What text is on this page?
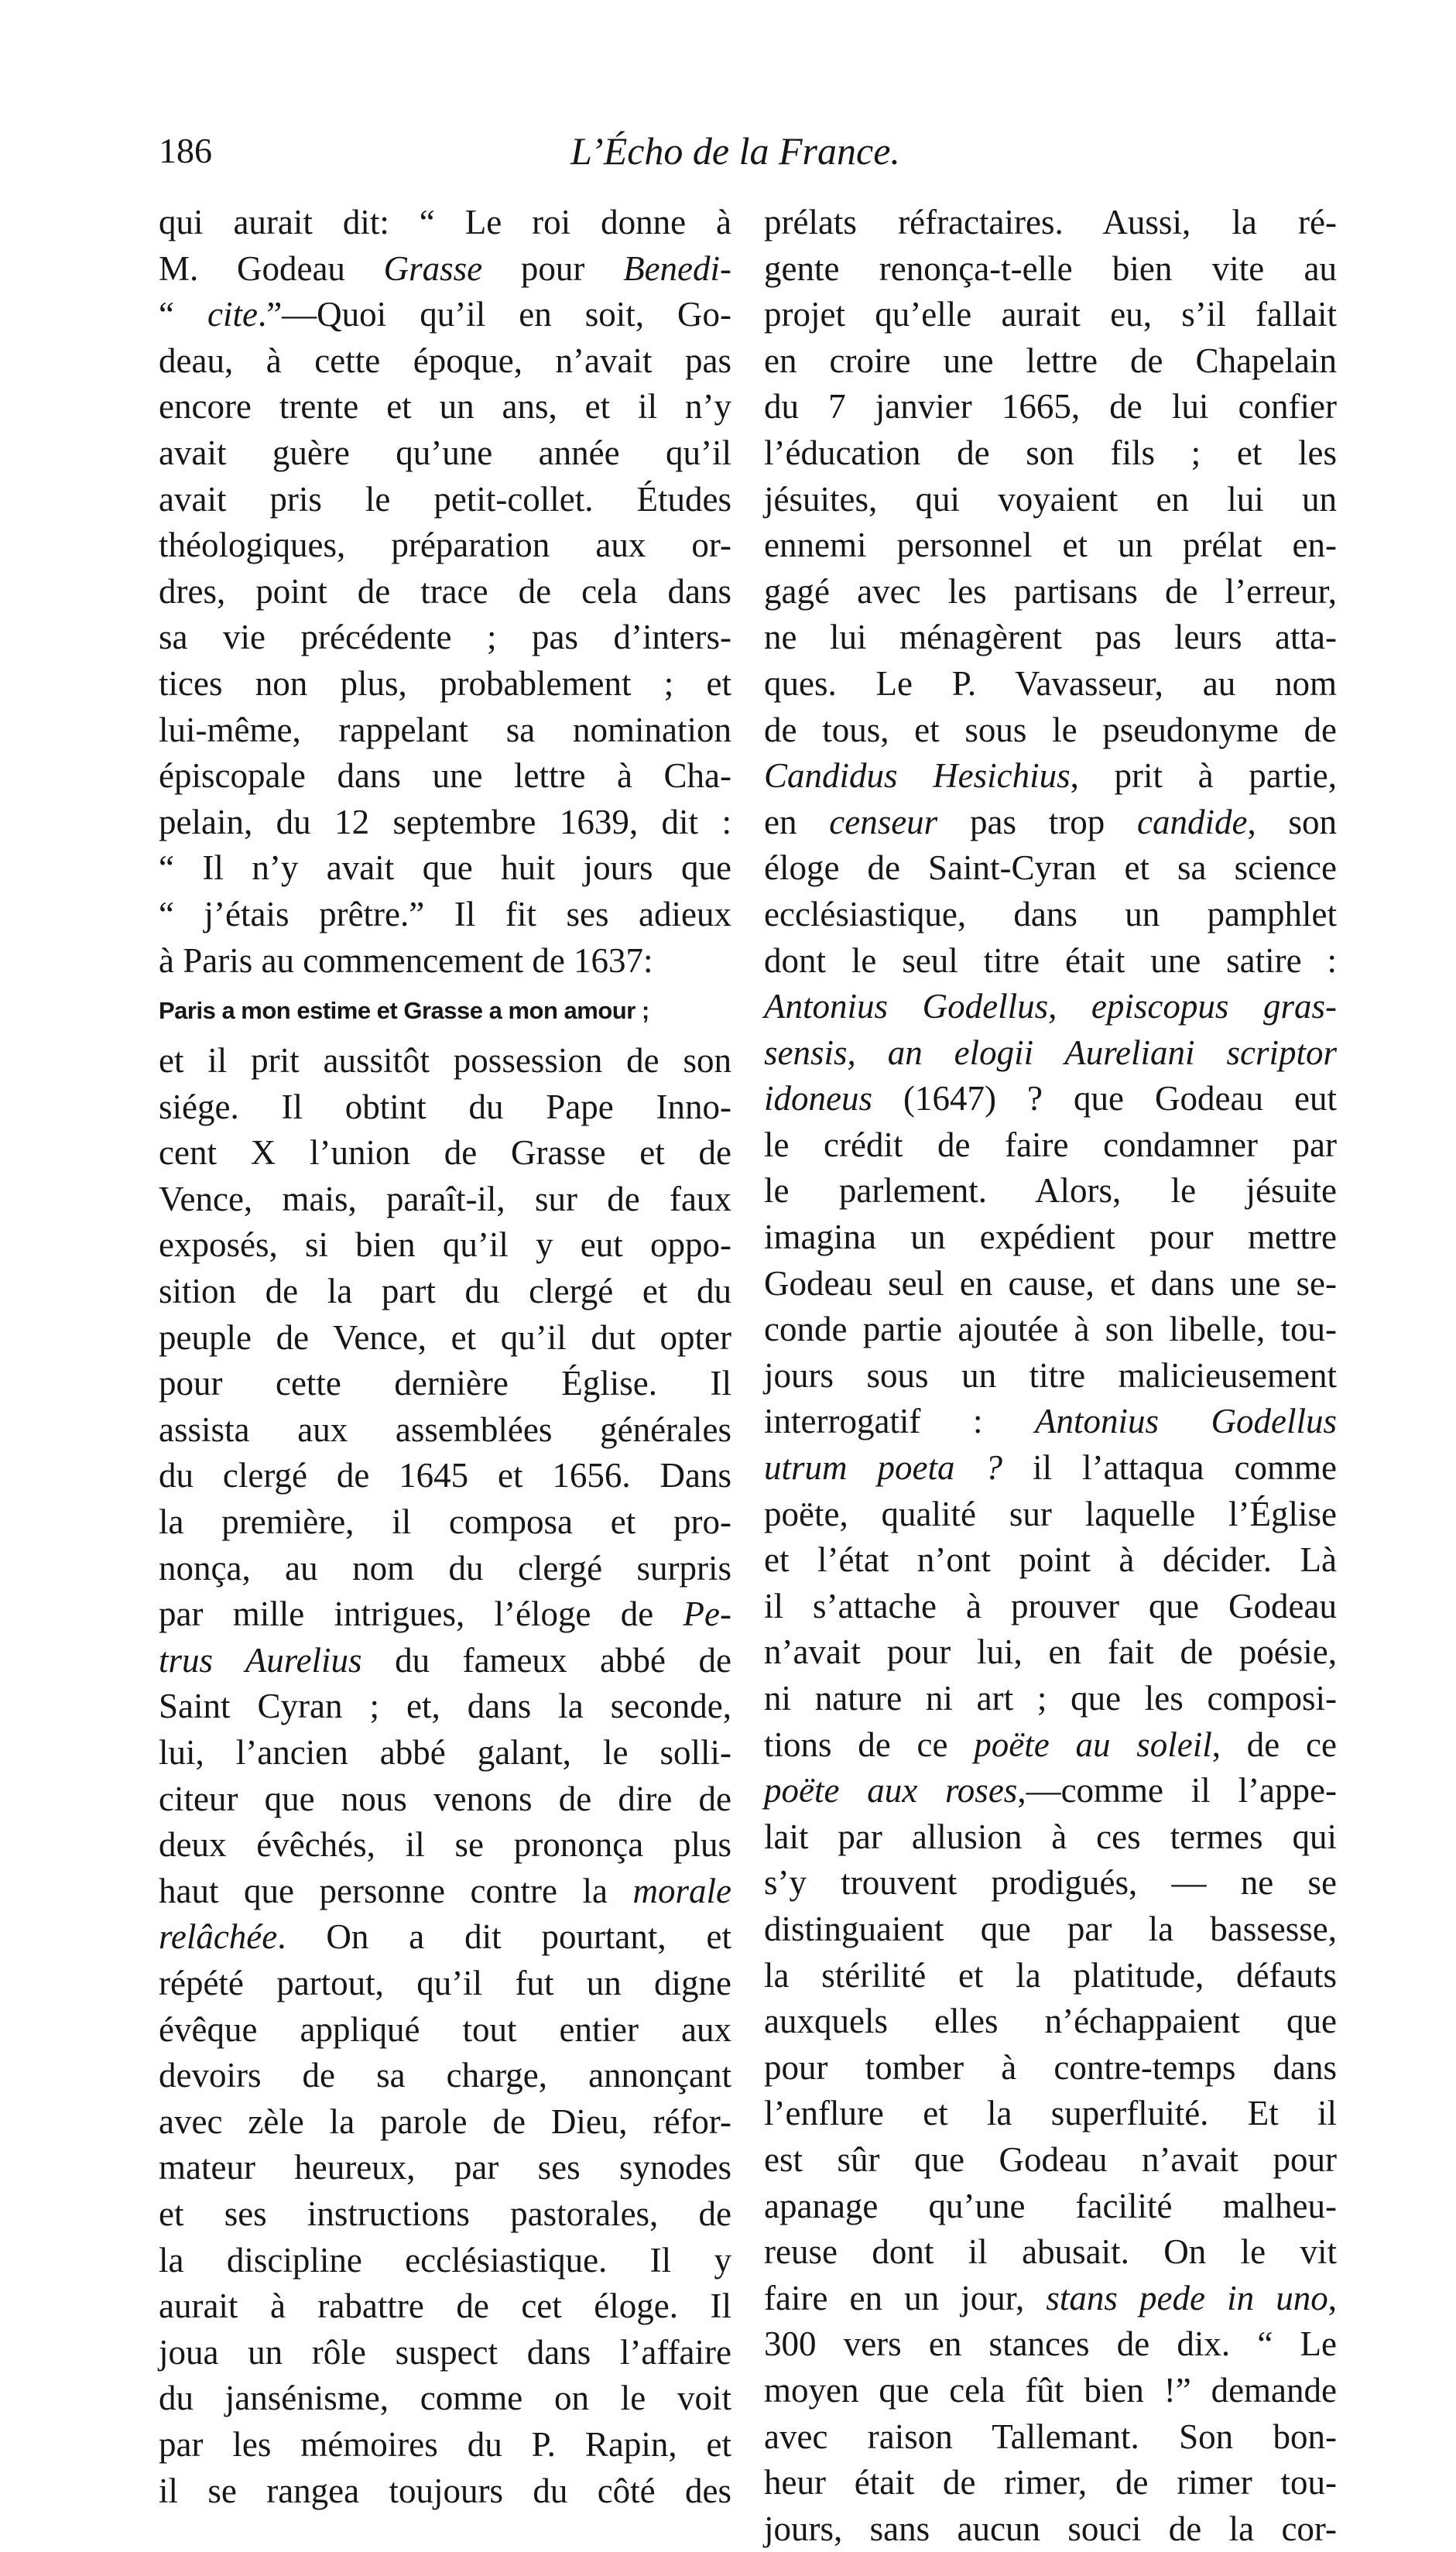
186	L’Écho de la France.
qui aurait dit: “ Le roi donne à
M. Godeau Grasse pour Benedi-
“ cite.”—Quoi qu’il en soit, Go-
deau, à cette époque, n’avait pas
encore trente et un ans, et il n’y
avait guère qu’une année qu’il
avait pris le petit-collet. Études
théologiques, préparation aux or-
dres, point de trace de cela dans
sa vie précédente ; pas d’inters-
tices non plus, probablement ; et
lui-même, rappelant sa nomination
épiscopale dans une lettre à Cha-
pelain, du 12 septembre 1639, dit :
“ Il n’y avait que huit jours que
“ j’étais prêtre.” Il fit ses adieux
à Paris au commencement de 1637:
Paris a mon estime et Grasse a mon amour ;
et il prit aussitôt possession de son
siége. Il obtint du Pape Inno-
cent X l’union de Grasse et de
Vence, mais, paraît-il, sur de faux
exposés, si bien qu’il y eut oppo-
sition de la part du clergé et du
peuple de Vence, et qu’il dut opter
pour cette dernière Église. Il
assista aux assemblées générales
du clergé de 1645 et 1656. Dans
la première, il composa et pro-
nonça, au nom du clergé surpris
par mille intrigues, l’éloge de Pe-
trus Aurelius du fameux abbé de
Saint Cyran ; et, dans la seconde,
lui, l’ancien abbé galant, le solli-
citeur que nous venons de dire de
deux évêchés, il se prononça plus
haut que personne contre la morale
relâchée. On a dit pourtant, et
répété partout, qu’il fut un digne
évêque appliqué tout entier aux
devoirs de sa charge, annonçant
avec zèle la parole de Dieu, réfor-
mateur heureux, par ses synodes
et ses instructions pastorales, de
la discipline ecclésiastique. Il y
aurait à rabattre de cet éloge. Il
joua un rôle suspect dans l’affaire
du jansénisme, comme on le voit
par les mémoires du P. Rapin, et
il se rangea toujours du côté des
prélats réfractaires. Aussi, la ré-
gente renonça-t-elle bien vite au
projet qu’elle aurait eu, s’il fallait
en croire une lettre de Chapelain
du 7 janvier 1665, de lui confier
l’éducation de son fils ; et les
jésuites, qui voyaient en lui un
ennemi personnel et un prélat en-
gagé avec les partisans de l’erreur,
ne lui ménagèrent pas leurs atta-
ques. Le P. Vavasseur, au nom
de tous, et sous le pseudonyme de
Candidus Hesichius, prit à partie,
en censeur pas trop candide, son
éloge de Saint-Cyran et sa science
ecclésiastique, dans un pamphlet
dont le seul titre était une satire :
Antonius Godellus, episcopus gras-
sensis, an elogii Aureliani scriptor
idoneus (1647) ? que Godeau eut
le crédit de faire condamner par
le parlement. Alors, le jésuite
imagina un expédient pour mettre
Godeau seul en cause, et dans une se-
conde partie ajoutée à son libelle, tou-
jours sous un titre malicieusement
interrogatif : Antonius Godellus
utrum poeta ? il l’attaqua comme
poëte, qualité sur laquelle l’Église
et l’état n’ont point à décider. Là
il s’attache à prouver que Godeau
n’avait pour lui, en fait de poésie,
ni nature ni art ; que les composi-
tions de ce poëte au soleil, de ce
poëte aux roses,—comme il l’appe-
lait par allusion à ces termes qui
s’y trouvent prodigués, — ne se
distinguaient que par la bassesse,
la stérilité et la platitude, défauts
auxquels elles n’échappaient que
pour tomber à contre-temps dans
l’enflure et la superfluité. Et il
est sûr que Godeau n’avait pour
apanage qu’une facilité malheu-
reuse dont il abusait. On le vit
faire en un jour, stans pede in uno,
300 vers en stances de dix. “ Le
moyen que cela fût bien !” demande
avec raison Tallemant. Son bon-
heur était de rimer, de rimer tou-
jours, sans aucun souci de la cor-
